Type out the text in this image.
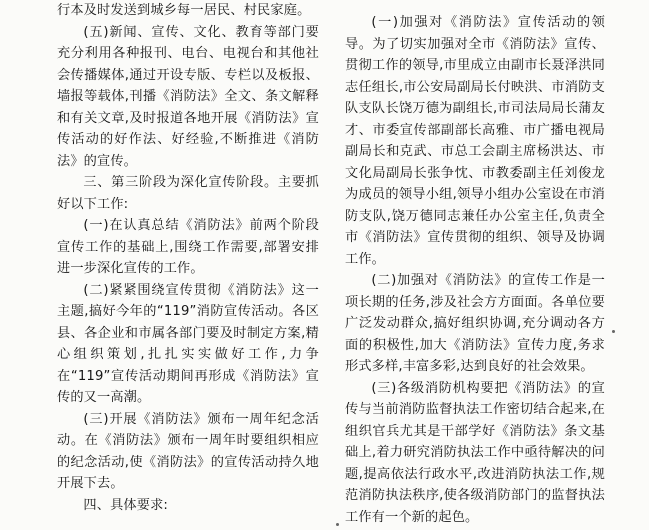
行本及时发送到城乡每一居民、村民家庭。

(五)新闻、宣传、文化、教育等部门要充分利用各种报刊、电台、电视台和其他社会传播媒体,通过开设专版、专栏以及板报、墙报等载体,刊播《消防法》全文、条文解释和有关文章,及时报道各地开展《消防法》宣传活动的好作法、好经验,不断推进《消防法》的宣传。

三、第三阶段为深化宣传阶段。主要抓好以下工作:

(一)在认真总结《消防法》前两个阶段宣传工作的基础上,围绕工作需要,部署安排进一步深化宣传的工作。

(二)紧紧围绕宣传贯彻《消防法》这一主题,搞好今年的“119”消防宣传活动。各区县、各企业和市属各部门要及时制定方案,精心组织策划,扎扎实实做好工作,力争在“119”宣传活动期间再形成《消防法》宣传的又一高潮。

(三)开展《消防法》颁布一周年纪念活动。在《消防法》颁布一周年时要组织相应的纪念活动,使《消防法》的宣传活动持久地开展下去。

四、具体要求:

(一)加强对《消防法》宣传活动的领导。为了切实加强对全市《消防法》宣传、贯彻工作的领导,市里成立由副市长聂泽洪同志任组长,市公安局副局长付映洪、市消防支队支队长饶万德为副组长,市司法局局长蒲友才、市委宣传部副部长高雅、市广播电视局副局长和克武、市总工会副主席杨洪达、市文化局副局长张争忱、市教委副主任刘俊龙为成员的领导小组,领导小组办公室设在市消防支队,饶万德同志兼任办公室主任,负责全市《消防法》宣传贯彻的组织、领导及协调工作。

(二)加强对《消防法》的宣传工作是一项长期的任务,涉及社会方方面面。各单位要广泛发动群众,搞好组织协调,充分调动各方面的积极性,加大《消防法》宣传力度,务求形式多样,丰富多彩,达到良好的社会效果。

(三)各级消防机构要把《消防法》的宣传与当前消防监督执法工作密切结合起来,在组织官兵尤其是干部学好《消防法》条文基础上,着力研究消防执法工作中亟待解决的问题,提高依法行政水平,改进消防执法工作,规范消防执法秩序,使各级消防部门的监督执法工作有一个新的起色。
